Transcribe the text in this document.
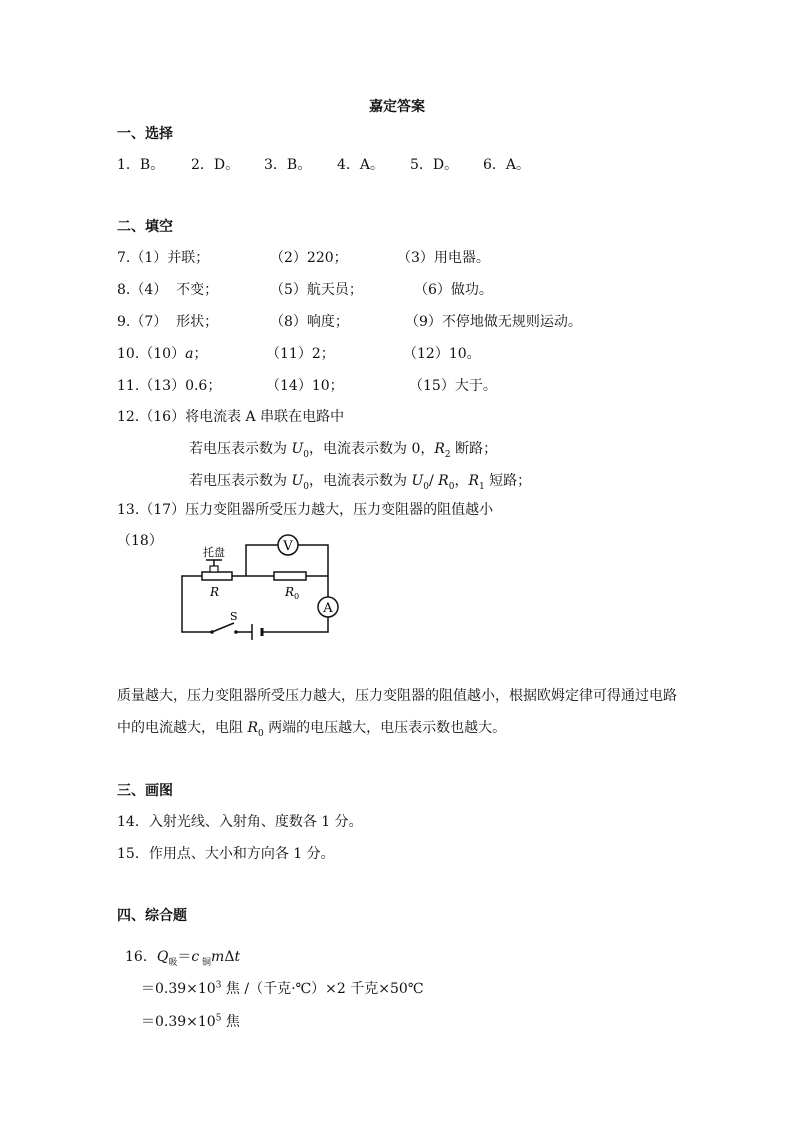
嘉定答案
一、选择
1．B。 2．D。 3．B。 4．A。 5．D。 6．A。
二、填空
7.（1）并联；	（2）220；	（3）用电器。
8.（4）  不变；	（5）航天员；	（6）做功。
9.（7）  形状；	（8）响度；	（9）不停地做无规则运动。
10.（10）a；	（11）2；	（12）10。
11.（13）0.6；	（14）10；	（15）大于。
12.（16）将电流表 A 串联在电路中
若电压表示数为 $U_0$，电流表示数为 0，$R_2$ 断路；
若电压表示数为 $U_0$，电流表示数为 $U_0/$ $R_0$，$R_1$ 短路；
13.（17）压力变阻器所受压力越大，压力变阻器的阻值越小
（18）	V
A
托盘
R	$R_0$
S
质量越大，压力变阻器所受压力越大，压力变阻器的阻值越小，根据欧姆定律可得通过电路
中的电流越大，电阻 $R_0$ 两端的电压越大，电压表示数也越大。
三、画图
14．入射光线、入射角、度数各 1 分。
15．作用点、大小和方向各 1 分。
四、综合题
16．$Q_吸=c$ $_铜$mΔt
$=0.39\times 10^3$ 焦 /（千克·℃）×2 千克×50℃
$=0.39\times 10^5$ 焦
